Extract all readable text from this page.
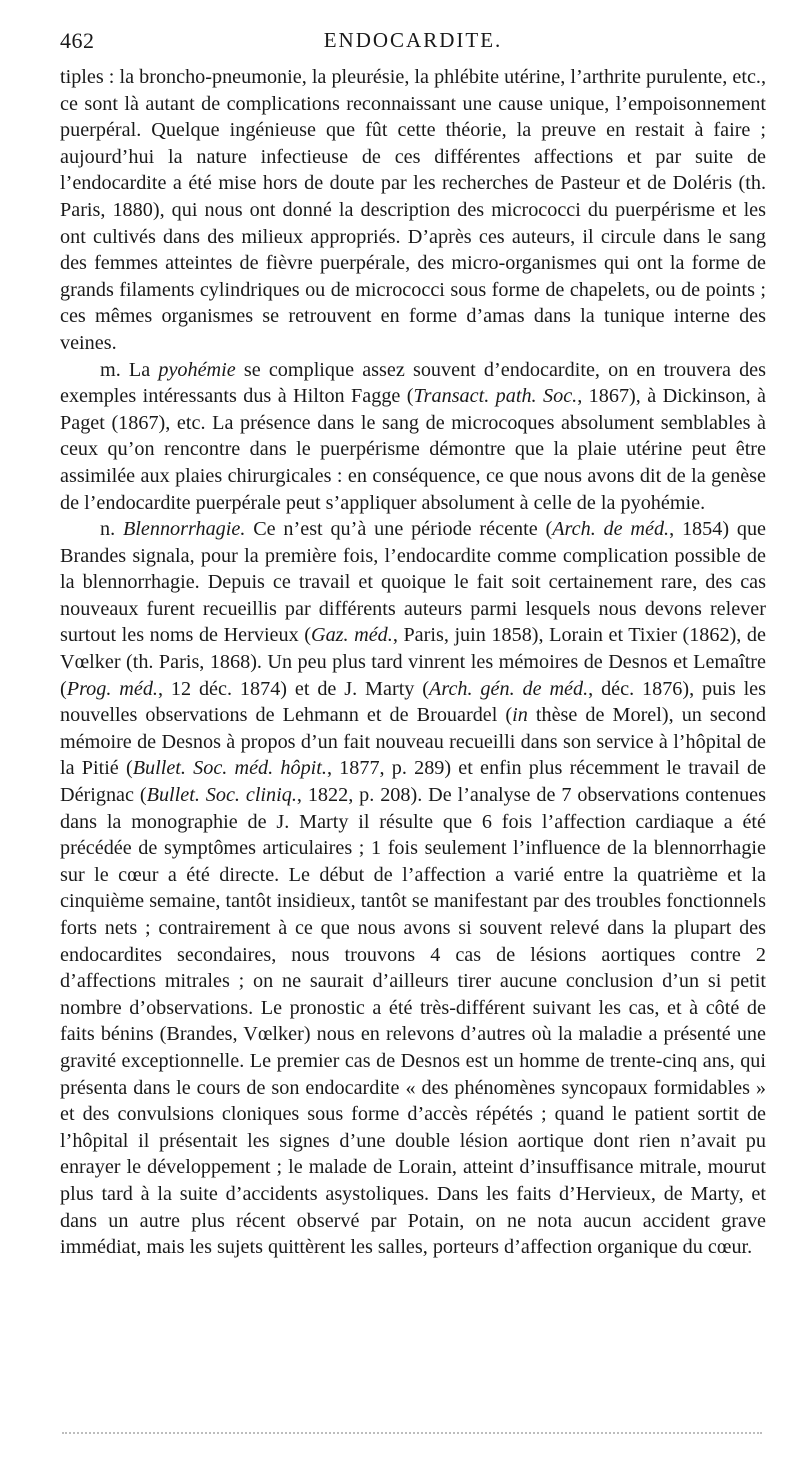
462	ENDOCARDITE.

tiples : la broncho-pneumonie, la pleurésie, la phlébite utérine, l’arthrite purulente, etc., ce sont là autant de complications reconnaissant une cause unique, l’empoisonnement puerpéral. Quelque ingénieuse que fût cette théorie, la preuve en restait à faire ; aujourd’hui la nature infectieuse de ces différentes affections et par suite de l’endocardite a été mise hors de doute par les recherches de Pasteur et de Doléris (th. Paris, 1880), qui nous ont donné la description des micrococci du puerpérisme et les ont cultivés dans des milieux appropriés. D’après ces auteurs, il circule dans le sang des femmes atteintes de fièvre puerpérale, des micro-organismes qui ont la forme de grands filaments cylindriques ou de micrococci sous forme de chapelets, ou de points ; ces mêmes organismes se retrouvent en forme d’amas dans la tunique interne des veines.

m. La pyohémie se complique assez souvent d’endocardite, on en trouvera des exemples intéressants dus à Hilton Fagge (Transact. path. Soc., 1867), à Dickinson, à Paget (1867), etc. La présence dans le sang de microcoques absolument semblables à ceux qu’on rencontre dans le puerpérisme démontre que la plaie utérine peut être assimilée aux plaies chirurgicales : en conséquence, ce que nous avons dit de la genèse de l’endocardite puerpérale peut s’appliquer absolument à celle de la pyohémie.

n. Blennorrhagie. Ce n’est qu’à une période récente (Arch. de méd., 1854) que Brandes signala, pour la première fois, l’endocardite comme complication possible de la blennorrhagie. Depuis ce travail et quoique le fait soit certainement rare, des cas nouveaux furent recueillis par différents auteurs parmi lesquels nous devons relever surtout les noms de Hervieux (Gaz. méd., Paris, juin 1858), Lorain et Tixier (1862), de Vœlker (th. Paris, 1868). Un peu plus tard vinrent les mémoires de Desnos et Lemaître (Prog. méd., 12 déc. 1874) et de J. Marty (Arch. gén. de méd., déc. 1876), puis les nouvelles observations de Lehmann et de Brouardel (in thèse de Morel), un second mémoire de Desnos à propos d’un fait nouveau recueilli dans son service à l’hôpital de la Pitié (Bullet. Soc. méd. hôpit., 1877, p. 289) et enfin plus récemment le travail de Dérignac (Bullet. Soc. cliniq., 1822, p. 208). De l’analyse de 7 observations contenues dans la monographie de J. Marty il résulte que 6 fois l’affection cardiaque a été précédée de symptômes articulaires ; 1 fois seulement l’influence de la blennorrhagie sur le cœur a été directe. Le début de l’affection a varié entre la quatrième et la cinquième semaine, tantôt insidieux, tantôt se manifestant par des troubles fonctionnels forts nets ; contrairement à ce que nous avons si souvent relevé dans la plupart des endocardites secondaires, nous trouvons 4 cas de lésions aortiques contre 2 d’affections mitrales ; on ne saurait d’ailleurs tirer aucune conclusion d’un si petit nombre d’observations. Le pronostic a été très-différent suivant les cas, et à côté de faits bénins (Brandes, Vœlker) nous en relevons d’autres où la maladie a présenté une gravité exceptionnelle. Le premier cas de Desnos est un homme de trente-cinq ans, qui présenta dans le cours de son endocardite « des phénomènes syncopaux formidables » et des convulsions cloniques sous forme d’accès répétés ; quand le patient sortit de l’hôpital il présentait les signes d’une double lésion aortique dont rien n’avait pu enrayer le développement ; le malade de Lorain, atteint d’insuffisance mitrale, mourut plus tard à la suite d’accidents asystoliques. Dans les faits d’Hervieux, de Marty, et dans un autre plus récent observé par Potain, on ne nota aucun accident grave immédiat, mais les sujets quittèrent les salles, porteurs d’affection organique du cœur.
